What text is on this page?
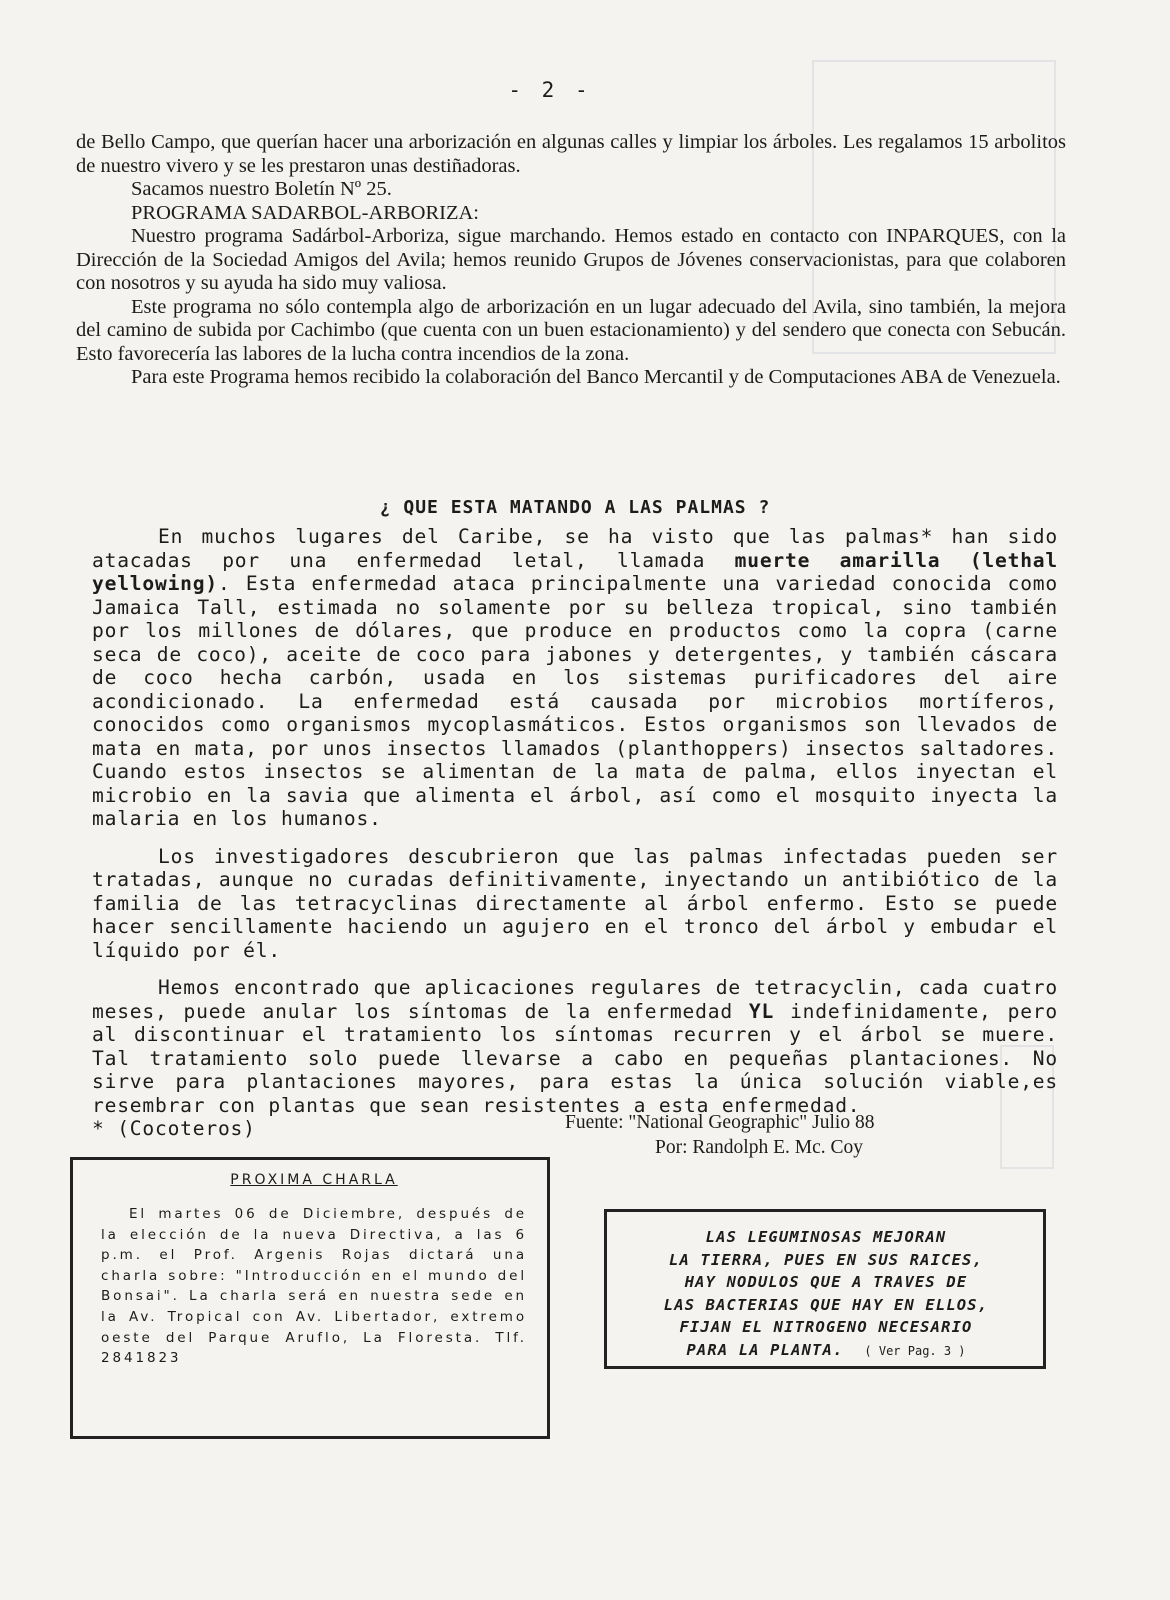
- 2 -

de Bello Campo, que querían hacer una arborización en algunas calles y limpiar los árboles. Les regalamos 15 arbolitos de nuestro vivero y se les prestaron unas destiñadoras.

Sacamos nuestro Boletín Nº 25.

PROGRAMA SADARBOL-ARBORIZA:

Nuestro programa Sadárbol-Arboriza, sigue marchando. Hemos estado en contacto con INPARQUES, con la Dirección de la Sociedad Amigos del Avila; hemos reunido Grupos de Jóvenes conservacionistas, para que colaboren con nosotros y su ayuda ha sido muy valiosa.

Este programa no sólo contempla algo de arborización en un lugar adecuado del Avila, sino también, la mejora del camino de subida por Cachimbo (que cuenta con un buen estacionamiento) y del sendero que conecta con Sebucán. Esto favorecería las labores de la lucha contra incendios de la zona.

Para este Programa hemos recibido la colaboración del Banco Mercantil y de Computaciones ABA de Venezuela.

¿ QUE ESTA MATANDO A LAS PALMAS ?

En muchos lugares del Caribe, se ha visto que las palmas* han sido atacadas por una enfermedad letal, llamada muerte amarilla (lethal yellowing). Esta enfermedad ataca principalmente una variedad conocida como Jamaica Tall, estimada no solamente por su belleza tropical, sino también por los millones de dólares, que produce en productos como la copra (carne seca de coco), aceite de coco para jabones y detergentes, y también cáscara de coco hecha carbón, usada en los sistemas purificadores del aire acondicionado. La enfermedad está causada por microbios mortíferos, conocidos como organismos mycoplasmáticos. Estos organismos son llevados de mata en mata, por unos insectos llamados (planthoppers) insectos saltadores. Cuando estos insectos se alimentan de la mata de palma, ellos inyectan el microbio en la savia que alimenta el árbol, así como el mosquito inyecta la malaria en los humanos.

Los investigadores descubrieron que las palmas infectadas pueden ser tratadas, aunque no curadas definitivamente, inyectando un antibiótico de la familia de las tetracyclinas directamente al árbol enfermo. Esto se puede hacer sencillamente haciendo un agujero en el tronco del árbol y embudar el líquido por él.

Hemos encontrado que aplicaciones regulares de tetracyclin, cada cuatro meses, puede anular los síntomas de la enfermedad YL indefinidamente, pero al discontinuar el tratamiento los síntomas recurren y el árbol se muere. Tal tratamiento solo puede llevarse a cabo en pequeñas plantaciones. No sirve para plantaciones mayores, para estas la única solución viable,es resembrar con plantas que sean resistentes a esta enfermedad.

* (Cocoteros)	Fuente: "National Geographic" Julio 88
Por: Randolph E. Mc. Coy
PROXIMA CHARLA
El martes 06 de Diciembre, después de la elección de la nueva Directiva, a las 6 p.m. el Prof. Argenis Rojas dictará una charla sobre: "Introducción en el mundo del Bonsai". La charla será en nuestra sede en la Av. Tropical con Av. Libertador, extremo oeste del Parque Aruflo, La Floresta. Tlf. 2841823
LAS LEGUMINOSAS MEJORAN
LA TIERRA, PUES EN SUS RAICES,
HAY NODULOS QUE A TRAVES DE
LAS BACTERIAS QUE HAY EN ELLOS,
FIJAN EL NITROGENO NECESARIO
PARA LA PLANTA. ( Ver Pag. 3 )
